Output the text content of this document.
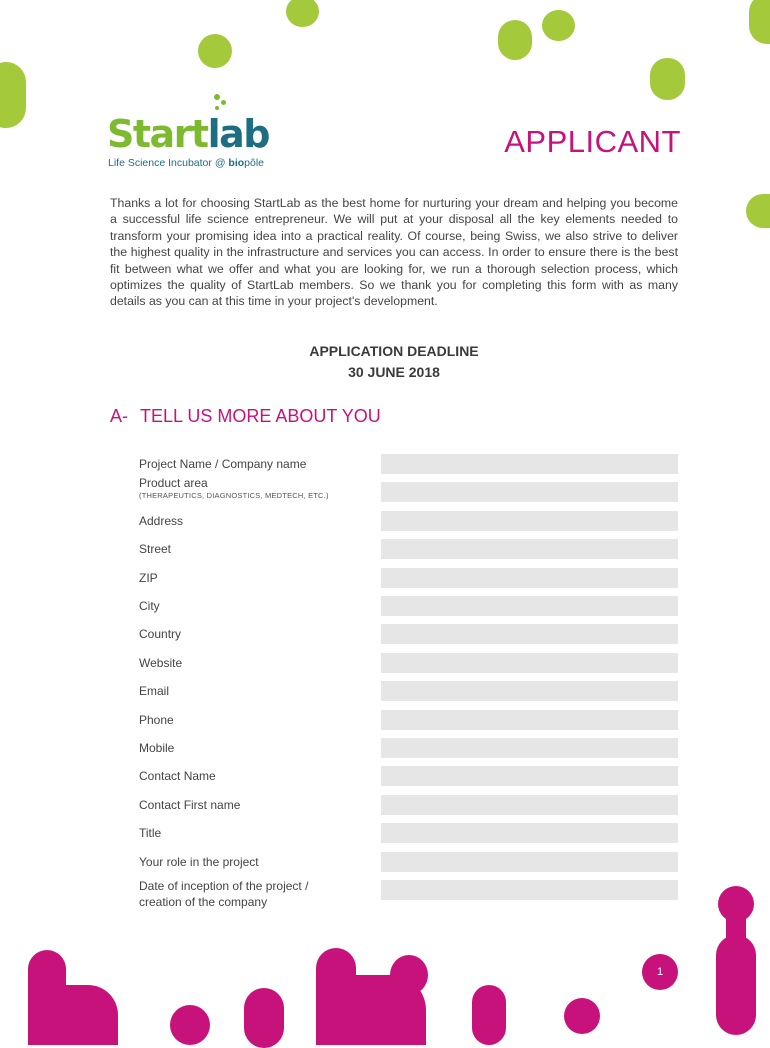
Startlab
Life Science Incubator @ biopôle
APPLICANT

Thanks a lot for choosing StartLab as the best home for nurturing your dream and helping you become a successful life science entrepreneur. We will put at your disposal all the key elements needed to transform your promising idea into a practical reality. Of course, being Swiss, we also strive to deliver the highest quality in the infrastructure and services you can access. In order to ensure there is the best fit between what we offer and what you are looking for, we run a thorough selection process, which optimizes the quality of StartLab members. So we thank you for completing this form with as many details as you can at this time in your project's development.

APPLICATION DEADLINE
30 JUNE 2018
A- TELL US MORE ABOUT YOU
Project Name / Company name
Product area
(THERAPEUTICS, DIAGNOSTICS, MEDTECH, ETC.)
Address
Street
ZIP
City
Country
Website
Email
Phone
Mobile
Contact Name
Contact First name
Title
Your role in the project
Date of inception of the project / creation of the company
1
